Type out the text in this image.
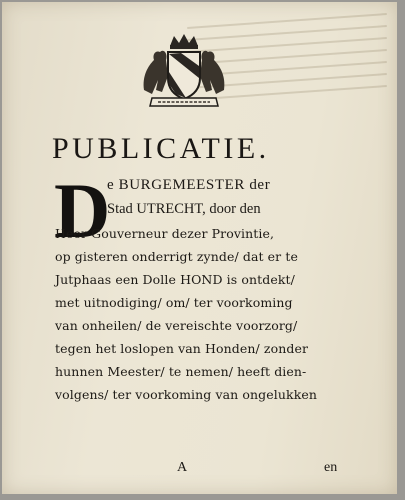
PUBLICATIE.
D
e BURGEMEESTER der
Stad UTRECHT, door den
Heer Gouverneur dezer Provintie,
op gisteren onderrigt zynde/ dat er te
Jutphaas een Dolle HOND is ontdekt/
met uitnodiging/ om/ ter voorkoming
van onheilen/ de vereischte voorzorg/
tegen het loslopen van Honden/ zonder
hunnen Meester/ te nemen/ heeft dien-
volgens/ ter voorkoming van ongelukken
A	en
